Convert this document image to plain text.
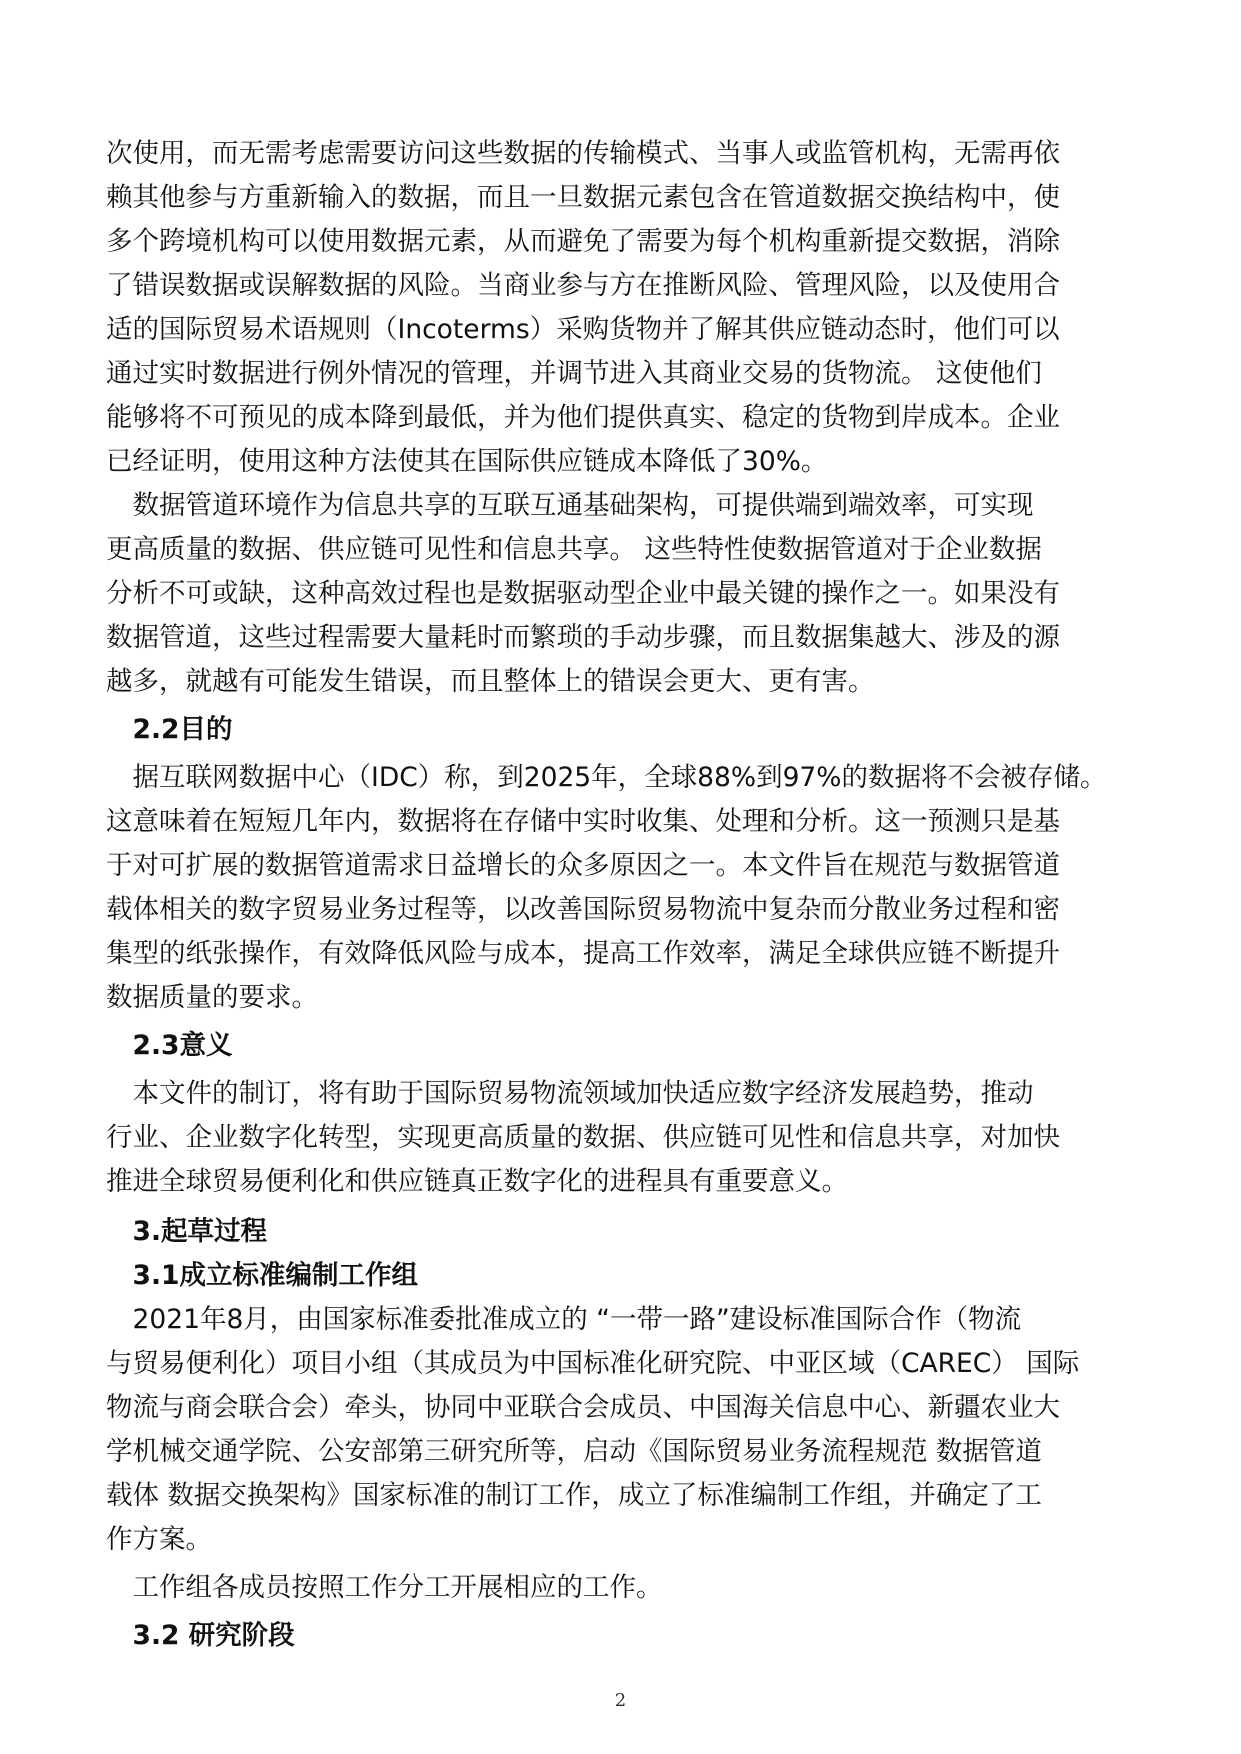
次使用，而无需考虑需要访问这些数据的传输模式、当事人或监管机构，无需再依
赖其他参与方重新输入的数据，而且一旦数据元素包含在管道数据交换结构中，使
多个跨境机构可以使用数据元素，从而避免了需要为每个机构重新提交数据，消除
了错误数据或误解数据的风险。当商业参与方在推断风险、管理风险，以及使用合
适的国际贸易术语规则（Incoterms）采购货物并了解其供应链动态时，他们可以
通过实时数据进行例外情况的管理，并调节进入其商业交易的货物流。 这使他们
能够将不可预见的成本降到最低，并为他们提供真实、稳定的货物到岸成本。企业
已经证明，使用这种方法使其在国际供应链成本降低了30%。
　数据管道环境作为信息共享的互联互通基础架构，可提供端到端效率，可实现
更高质量的数据、供应链可见性和信息共享。 这些特性使数据管道对于企业数据
分析不可或缺，这种高效过程也是数据驱动型企业中最关键的操作之一。如果没有
数据管道，这些过程需要大量耗时而繁琐的手动步骤，而且数据集越大、涉及的源
越多，就越有可能发生错误，而且整体上的错误会更大、更有害。
　2.2目的
　据互联网数据中心（IDC）称，到2025年，全球88%到97%的数据将不会被存储。
这意味着在短短几年内，数据将在存储中实时收集、处理和分析。这一预测只是基
于对可扩展的数据管道需求日益增长的众多原因之一。本文件旨在规范与数据管道
载体相关的数字贸易业务过程等，以改善国际贸易物流中复杂而分散业务过程和密
集型的纸张操作，有效降低风险与成本，提高工作效率，满足全球供应链不断提升
数据质量的要求。
　2.3意义
　本文件的制订，将有助于国际贸易物流领域加快适应数字经济发展趋势，推动
行业、企业数字化转型，实现更高质量的数据、供应链可见性和信息共享，对加快
推进全球贸易便利化和供应链真正数字化的进程具有重要意义。
　3.起草过程
　3.1成立标准编制工作组
　2021年8月，由国家标准委批准成立的 “一带一路”建设标准国际合作（物流
与贸易便利化）项目小组（其成员为中国标准化研究院、中亚区域（CAREC） 国际
物流与商会联合会）牵头，协同中亚联合会成员、中国海关信息中心、新疆农业大
学机械交通学院、公安部第三研究所等，启动《国际贸易业务流程规范 数据管道
载体 数据交换架构》国家标准的制订工作，成立了标准编制工作组，并确定了工
作方案。
　工作组各成员按照工作分工开展相应的工作。
　3.2 研究阶段
2
